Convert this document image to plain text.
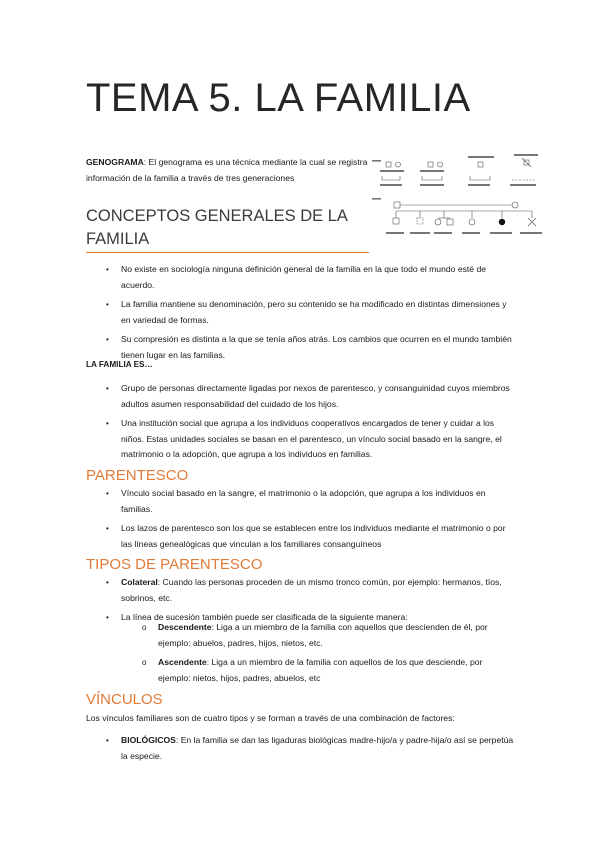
TEMA 5. LA FAMILIA
GENOGRAMA: El genograma es una técnica mediante la cual se registra información de la familia a través de tres generaciones
CONCEPTOS GENERALES DE LA FAMILIA
• No existe en sociología ninguna definición general de la familia en la que todo el mundo esté de acuerdo.
• La familia mantiene su denominación, pero su contenido se ha modificado en distintas dimensiones y en variedad de formas.
• Su compresión es distinta a la que se tenía años atrás. Los cambios que ocurren en el mundo también tienen lugar en las familias.
LA FAMILIA ES…
• Grupo de personas directamente ligadas por nexos de parentesco, y consanguinidad cuyos miembros adultos asumen responsabilidad del cuidado de los hijos.
• Una institución social que agrupa a los individuos cooperativos encargados de tener y cuidar a los niños. Estas unidades sociales se basan en el parentesco, un vínculo social basado en la sangre, el matrimonio o la adopción, que agrupa a los individuos en familias.
PARENTESCO
• Vínculo social basado en la sangre, el matrimonio o la adopción, que agrupa a los individuos en familias.
• Los lazos de parentesco son los que se establecen entre los individuos mediante el matrimonio o por las líneas genealógicas que vinculan a los familiares consanguíneos
TIPOS DE PARENTESCO
• Colateral: Cuando las personas proceden de un mismo tronco común, por ejemplo: hermanos, tíos, sobrinos, etc.
• La línea de sucesión también puede ser clasificada de la siguiente manera:
o Descendente: Liga a un miembro de la familia con aquellos que descienden de él, por ejemplo: abuelos, padres, hijos, nietos, etc.
o Ascendente: Liga a un miembro de la familia con aquellos de los que desciende, por ejemplo: nietos, hijos, padres, abuelos, etc
VÍNCULOS
Los vínculos familiares son de cuatro tipos y se forman a través de una combinación de factores:
• BIOLÓGICOS: En la familia se dan las ligaduras biológicas madre-hijo/a y padre-hija/o así se perpetúa la especie.
